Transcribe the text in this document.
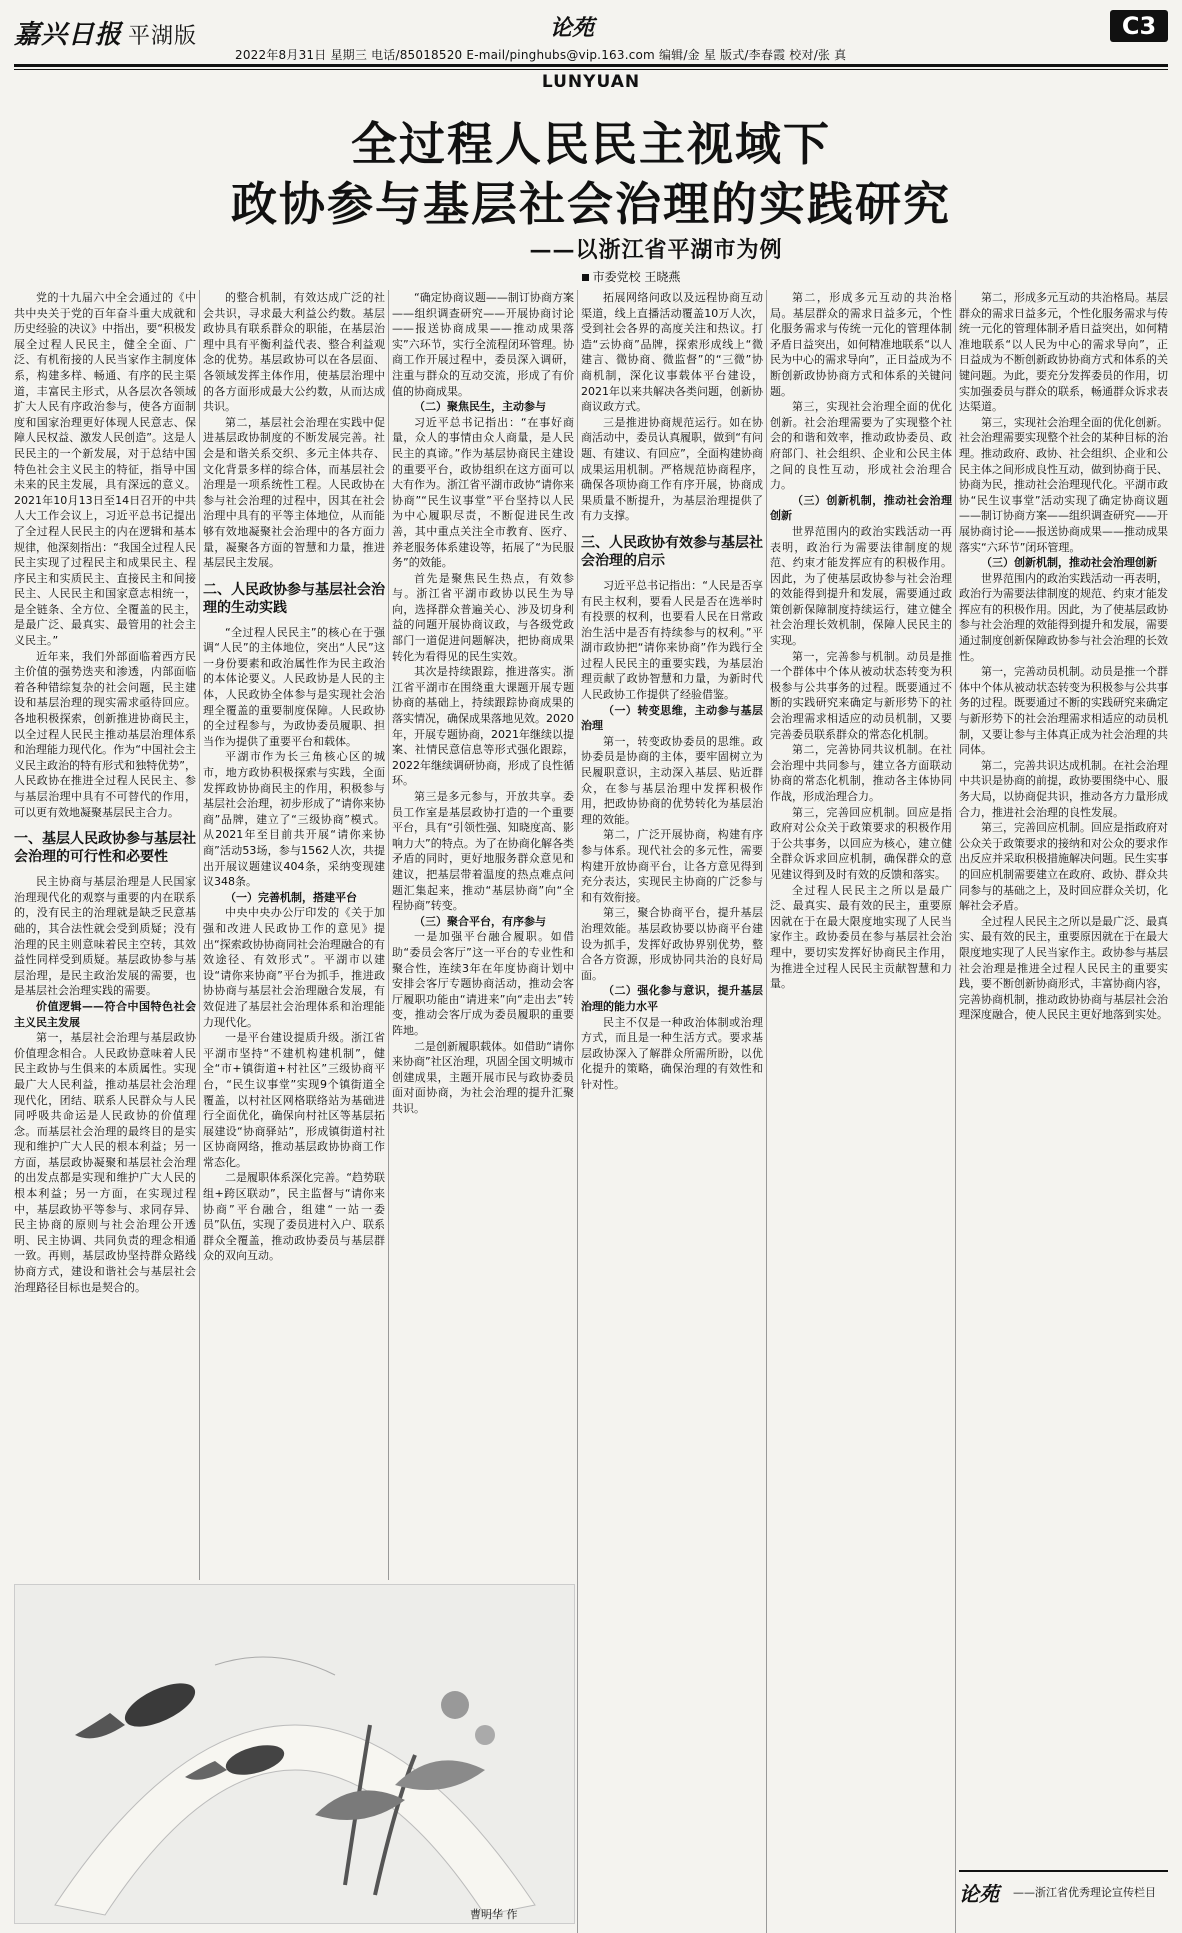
嘉兴日报 平湖版	论苑	C3
2022年8月31日 星期三 电话/85018520 E-mail/pinghubs@vip.163.com 编辑/金 星 版式/李春霞 校对/张 真
LUNYUAN
全过程人民民主视域下
政协参与基层社会治理的实践研究
——以浙江省平湖市为例
市委党校 王晓燕

党的十九届六中全会通过的《中共中央关于党的百年奋斗重大成就和历史经验的决议》中指出，要“积极发展全过程人民民主，健全全面、广泛、有机衔接的人民当家作主制度体系，构建多样、畅通、有序的民主渠道，丰富民主形式，从各层次各领域扩大人民有序政治参与，使各方面制度和国家治理更好体现人民意志、保障人民权益、激发人民创造”。这是人民民主的一个新发展，对于总结中国特色社会主义民主的特征，指导中国未来的民主发展，具有深远的意义。2021年10月13日至14日召开的中共人大工作会议上，习近平总书记提出了全过程人民民主的内在逻辑和基本规律，他深刻指出：“我国全过程人民民主实现了过程民主和成果民主、程序民主和实质民主、直接民主和间接民主、人民民主和国家意志相统一，是全链条、全方位、全覆盖的民主，是最广泛、最真实、最管用的社会主义民主。”

近年来，我们外部面临着西方民主价值的强势迭夹和渗透，内部面临着各种错综复杂的社会问题，民主建设和基层治理的现实需求亟待回应。各地积极探索，创新推进协商民主，以全过程人民民主推动基层治理体系和治理能力现代化。作为“中国社会主义民主政治的特有形式和独特优势”，人民政协在推进全过程人民民主、参与基层治理中具有不可替代的作用，可以更有效地凝聚基层民主合力。

一、基层人民政协参与基层社会治理的可行性和必要性

民主协商与基层治理是人民国家治理现代化的观察与重要的内在联系的，没有民主的治理就是缺乏民意基础的，其合法性就会受到质疑；没有治理的民主则意味着民主空转，其效益性同样受到质疑。基层政协参与基层治理，是民主政治发展的需要，也是基层社会治理实践的需要。

价值逻辑——符合中国特色社会主义民主发展

第一，基层社会治理与基层政协价值理念相合。人民政协意味着人民民主政协与生俱来的本质属性。实现最广大人民利益，推动基层社会治理现代化，团结、联系人民群众与人民同呼吸共命运是人民政协的价值理念。而基层社会治理的最终目的是实现和维护广大人民的根本利益；另一方面，基层政协凝聚和基层社会治理的出发点都是实现和维护广大人民的根本利益；另一方面，在实现过程中，基层政协平等参与、求同存异、民主协商的原则与社会治理公开透明、民主协调、共同负责的理念相通一致。再则，基层政协坚持群众路线协商方式，建设和谐社会与基层社会治理路径目标也是契合的。

的整合机制，有效达成广泛的社会共识，寻求最大利益公约数。基层政协具有联系群众的职能，在基层治理中具有平衡利益代表、整合利益观念的优势。基层政协可以在各层面、各领域发挥主体作用，使基层治理中的各方面形成最大公约数，从而达成共识。

第二，基层社会治理在实践中促进基层政协制度的不断发展完善。社会是和谐关系交织、多元主体共存、文化背景多样的综合体，而基层社会治理是一项系统性工程。人民政协在参与社会治理的过程中，因其在社会治理中具有的平等主体地位，从而能够有效地凝聚社会治理中的各方面力量，凝聚各方面的智慧和力量，推进基层民主发展。

二、人民政协参与基层社会治理的生动实践

“全过程人民民主”的核心在于强调“人民”的主体地位，突出“人民”这一身份要素和政治属性作为民主政治的本体论要义。人民政协是人民的主体，人民政协全体参与是实现社会治理全覆盖的重要制度保障。人民政协的全过程参与，为政协委员履职、担当作为提供了重要平台和载体。

平湖市作为长三角核心区的城市，地方政协积极探索与实践，全面发挥政协协商民主的作用，积极参与基层社会治理，初步形成了“请你来协商”品牌，建立了“三级协商”模式。从2021年至目前共开展“请你来协商”活动53场，参与1562人次，共提出开展议题建议404条，采纳变现建议348条。

（一）完善机制，搭建平台

中央中央办公厅印发的《关于加强和改进人民政协工作的意见》提出“探索政协协商同社会治理融合的有效途径、有效形式”。平湖市以建设“请你来协商”平台为抓手，推进政协协商与基层社会治理融合发展，有效促进了基层社会治理体系和治理能力现代化。

一是平台建设提质升级。浙江省平湖市坚持“不建机构建机制”，健全“市+镇街道+村社区”三级协商平台，“民生议事堂”实现9个镇街道全覆盖，以村社区网格联络站为基础进行全面优化，确保向村社区等基层拓展建设“协商驿站”，形成镇街道村社区协商网络，推动基层政协协商工作常态化。

二是履职体系深化完善。“趋势联组+跨区联动”，民主监督与“请你来协商”平台融合，组建“一站一委员”队伍，实现了委员进村入户、联系群众全覆盖，推动政协委员与基层群众的双向互动。

“确定协商议题——制订协商方案——组织调查研究——开展协商讨论——报送协商成果——推动成果落实”六环节，实行全流程闭环管理。协商工作开展过程中，委员深入调研，注重与群众的互动交流，形成了有价值的协商成果。

（二）聚焦民生，主动参与

习近平总书记指出：“在事好商量，众人的事情由众人商量，是人民民主的真谛。”作为基层协商民主建设的重要平台，政协组织在这方面可以大有作为。浙江省平湖市政协“请你来协商”“民生议事堂”平台坚持以人民为中心履职尽责，不断促进民生改善，其中重点关注全市教育、医疗、养老服务体系建设等，拓展了“为民服务”的效能。

首先是聚焦民生热点，有效参与。浙江省平湖市政协以民生为导向，选择群众普遍关心、涉及切身利益的问题开展协商议政，与各级党政部门一道促进问题解决，把协商成果转化为看得见的民生实效。

其次是持续跟踪，推进落实。浙江省平湖市在围绕重大课题开展专题协商的基础上，持续跟踪协商成果的落实情况，确保成果落地见效。2020年，开展专题协商，2021年继续以提案、社情民意信息等形式强化跟踪，2022年继续调研协商，形成了良性循环。

第三是多元参与，开放共享。委员工作室是基层政协打造的一个重要平台，具有“引领性强、知晓度高、影响力大”的特点。为了在协商化解各类矛盾的同时，更好地服务群众意见和建议，把基层带着温度的热点难点问题汇集起来，推动“基层协商”向“全程协商”转变。

（三）聚合平台，有序参与

一是加强平台融合履职。如借助“委员会客厅”这一平台的专业性和聚合性，连续3年在年度协商计划中安排会客厅专题协商活动，推动会客厅履职功能由“请进来”向“走出去”转变，推动会客厅成为委员履职的重要阵地。

二是创新履职载体。如借助“请你来协商”社区治理，巩固全国文明城市创建成果，主题开展市民与政协委员面对面协商，为社会治理的提升汇聚共识。

拓展网络问政以及远程协商互动渠道，线上直播活动覆盖10万人次，受到社会各界的高度关注和热议。打造“云协商”品牌，探索形成线上“微建言、微协商、微监督”的“三微”协商机制，深化议事载体平台建设，2021年以来共解决各类问题，创新协商议政方式。

三是推进协商规范运行。如在协商活动中，委员认真履职，做到“有问题、有建议、有回应”，全面构建协商成果运用机制。严格规范协商程序，确保各项协商工作有序开展，协商成果质量不断提升，为基层治理提供了有力支撑。

三、人民政协有效参与基层社会治理的启示

习近平总书记指出：“人民是否享有民主权利，要看人民是否在选举时有投票的权利，也要看人民在日常政治生活中是否有持续参与的权利。”平湖市政协把“请你来协商”作为践行全过程人民民主的重要实践，为基层治理贡献了政协智慧和力量，为新时代人民政协工作提供了经验借鉴。

（一）转变思维，主动参与基层治理

第一，转变政协委员的思维。政协委员是协商的主体，要牢固树立为民履职意识，主动深入基层、贴近群众，在参与基层治理中发挥积极作用，把政协协商的优势转化为基层治理的效能。

第二，广泛开展协商，构建有序参与体系。现代社会的多元性，需要构建开放协商平台，让各方意见得到充分表达，实现民主协商的广泛参与和有效衔接。

第三，聚合协商平台，提升基层治理效能。基层政协要以协商平台建设为抓手，发挥好政协界别优势，整合各方资源，形成协同共治的良好局面。

（二）强化参与意识，提升基层治理的能力水平

民主不仅是一种政治体制或治理方式，而且是一种生活方式。要求基层政协深入了解群众所需所盼，以优化提升的策略，确保治理的有效性和针对性。

第二，形成多元互动的共治格局。基层群众的需求日益多元，个性化服务需求与传统一元化的管理体制矛盾日益突出，如何精准地联系“以人民为中心的需求导向”，正日益成为不断创新政协协商方式和体系的关键问题。

第三，实现社会治理全面的优化创新。社会治理需要为了实现整个社会的和谐和效率，推动政协委员、政府部门、社会组织、企业和公民主体之间的良性互动，形成社会治理合力。

（三）创新机制，推动社会治理创新

世界范围内的政治实践活动一再表明，政治行为需要法律制度的规范、约束才能发挥应有的积极作用。因此，为了使基层政协参与社会治理的效能得到提升和发展，需要通过政策创新保障制度持续运行，建立健全社会治理长效机制，保障人民民主的实现。

第一，完善参与机制。动员是推一个群体中个体从被动状态转变为积极参与公共事务的过程。既要通过不断的实践研究来确定与新形势下的社会治理需求相适应的动员机制，又要完善委员联系群众的常态化机制。

第二，完善协同共议机制。在社会治理中共同参与，建立各方面联动协商的常态化机制，推动各主体协同作战，形成治理合力。

第三，完善回应机制。回应是指政府对公众关于政策要求的积极作用于公共事务，以回应为核心，建立健全群众诉求回应机制，确保群众的意见建议得到及时有效的反馈和落实。

全过程人民民主之所以是最广泛、最真实、最有效的民主，重要原因就在于在最大限度地实现了人民当家作主。政协委员在参与基层社会治理中，要切实发挥好协商民主作用，为推进全过程人民民主贡献智慧和力量。

第二，形成多元互动的共治格局。基层群众的需求日益多元，个性化服务需求与传统一元化的管理体制矛盾日益突出，如何精准地联系“以人民为中心的需求导向”，正日益成为不断创新政协协商方式和体系的关键问题。为此，要充分发挥委员的作用，切实加强委员与群众的联系，畅通群众诉求表达渠道。

第三，实现社会治理全面的优化创新。社会治理需要实现整个社会的某种目标的治理。推动政府、政协、社会组织、企业和公民主体之间形成良性互动，做到协商于民、协商为民，推动社会治理现代化。平湖市政协“民生议事堂”活动实现了确定协商议题——制订协商方案——组织调查研究——开展协商讨论——报送协商成果——推动成果落实“六环节”闭环管理。

（三）创新机制，推动社会治理创新

世界范围内的政治实践活动一再表明，政治行为需要法律制度的规范、约束才能发挥应有的积极作用。因此，为了使基层政协参与社会治理的效能得到提升和发展，需要通过制度创新保障政协参与社会治理的长效性。

第一，完善动员机制。动员是推一个群体中个体从被动状态转变为积极参与公共事务的过程。既要通过不断的实践研究来确定与新形势下的社会治理需求相适应的动员机制，又要让参与主体真正成为社会治理的共同体。

第二，完善共识达成机制。在社会治理中共识是协商的前提，政协要围绕中心、服务大局，以协商促共识，推动各方力量形成合力，推进社会治理的良性发展。

第三，完善回应机制。回应是指政府对公众关于政策要求的接纳和对公众的要求作出反应并采取积极措施解决问题。民生实事的回应机制需要建立在政府、政协、群众共同参与的基础之上，及时回应群众关切，化解社会矛盾。

全过程人民民主之所以是最广泛、最真实、最有效的民主，重要原因就在于在最大限度地实现了人民当家作主。政协参与基层社会治理是推进全过程人民民主的重要实践，要不断创新协商形式，丰富协商内容，完善协商机制，推动政协协商与基层社会治理深度融合，使人民民主更好地落到实处。

曹明华 作
论苑 ——浙江省优秀理论宣传栏目
